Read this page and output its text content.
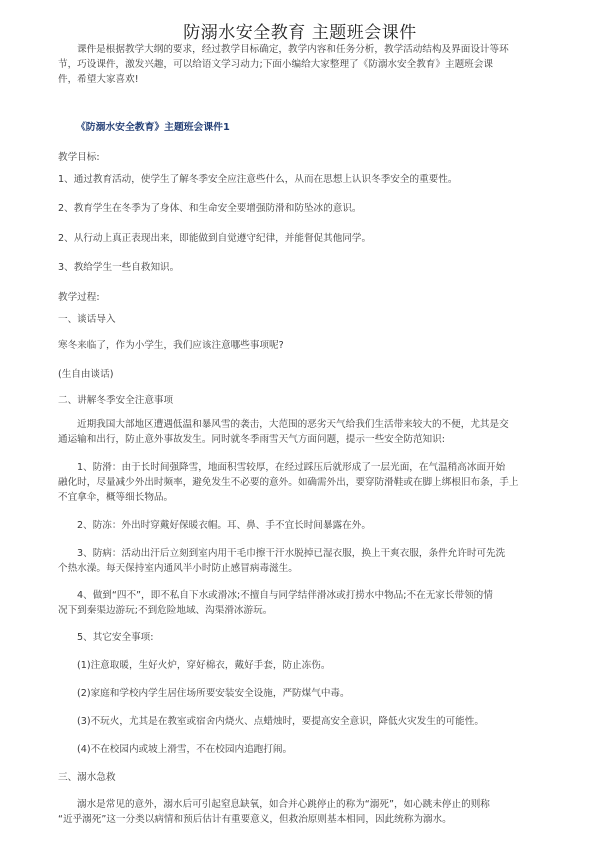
防溺水安全教育 主题班会课件
课件是根据教学大纲的要求，经过教学目标确定，教学内容和任务分析，教学活动结构及界面设计等环
节，巧设课件，激发兴趣，可以给语文学习动力;下面小编给大家整理了《防溺水安全教育》主题班会课
件，希望大家喜欢!
《防溺水安全教育》主题班会课件1
教学目标:
1、通过教育活动，使学生了解冬季安全应注意些什么，从而在思想上认识冬季安全的重要性。
2、教育学生在冬季为了身体、和生命安全要增强防滑和防坠冰的意识。
2、从行动上真正表现出来，即能做到自觉遵守纪律，并能督促其他同学。
3、教给学生一些自救知识。
教学过程:
一、谈话导入
寒冬来临了，作为小学生，我们应该注意哪些事项呢?
(生自由谈话)
二、讲解冬季安全注意事项
近期我国大部地区遭遇低温和暴风雪的袭击，大范围的恶劣天气给我们生活带来较大的不便，尤其是交
通运输和出行，防止意外事故发生。同时就冬季雨雪天气方面问题，提示一些安全防范知识:
1、防滑：由于长时间强降雪，地面积雪较厚，在经过踩压后就形成了一层光面，在气温稍高冰面开始
融化时，尽量减少外出时频率，避免发生不必要的意外。如确需外出，要穿防滑鞋或在脚上绑根旧布条，手上
不宜拿伞，概等细长物品。
2、防冻：外出时穿戴好保暖衣帽。耳、鼻、手不宜长时间暴露在外。
3、防病：活动出汗后立刻到室内用干毛巾擦干汗水脱掉已湿衣服，换上干爽衣服，条件允许时可先洗
个热水澡。每天保持室内通风半小时防止感冒病毒滋生。
4、做到“四不”，即不私自下水或滑冰;不擅自与同学结伴滑冰或打捞水中物品;不在无家长带领的情
况下到秦渠边游玩;不到危险地域、沟渠滑冰游玩。
5、其它安全事项:
(1)注意取暖，生好火炉，穿好棉衣，戴好手套，防止冻伤。
(2)家庭和学校内学生居住场所要安装安全设施，严防煤气中毒。
(3)不玩火，尤其是在教室或宿舍内烧火、点蜡烛时，要提高安全意识，降低火灾发生的可能性。
(4)不在校园内或坡上滑雪，不在校园内追跑打闹。
三、溺水急救
溺水是常见的意外，溺水后可引起窒息缺氧，如合并心跳停止的称为“溺死”，如心跳未停止的则称
“近乎溺死”这一分类以病情和预后估计有重要意义，但救治原则基本相同，因此统称为溺水。
